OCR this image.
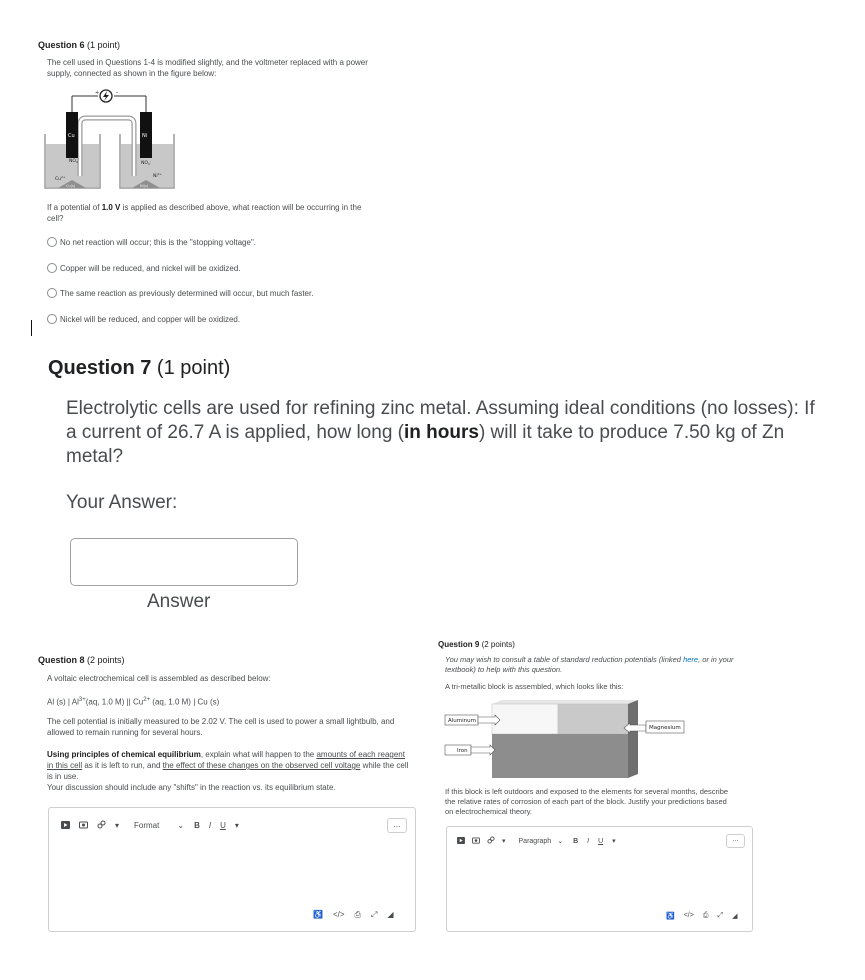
Question 6 (1 point)
The cell used in Questions 1-4 is modified slightly, and the voltmeter replaced with a power supply, connected as shown in the figure below:
+	-
Cu	Ni
$NO_3^-$
$NO_3^-$
$Cu^{2+}$	$Ni^{2+}$
Cu(s)	Ni(s)
If a potential of 1.0 V is applied as described above, what reaction will be occurring in the cell?
No net reaction will occur; this is the "stopping voltage".
Copper will be reduced, and nickel will be oxidized.
The same reaction as previously determined will occur, but much faster.
Nickel will be reduced, and copper will be oxidized.
Question 7 (1 point)
Electrolytic cells are used for refining zinc metal. Assuming ideal conditions (no losses): If a current of 26.7 A is applied, how long (in hours) will it take to produce 7.50 kg of Zn metal?
Your Answer:
Answer
Question 8 (2 points)
A voltaic electrochemical cell is assembled as described below:
Al (s) | $Al^{3+}(aq$, 1.0 M) || $Cu^{2+}$ (aq, 1.0 M) | Cu (s)
The cell potential is initially measured to be 2.02 V. The cell is used to power a small lightbulb, and allowed to remain running for several hours.
Using principles of chemical equilibrium, explain what will happen to the amounts of each reagent in this cell as it is left to run, and the effect of these changes on the observed cell voltage while the cell is in use.
Your discussion should include any "shifts" in the reaction vs. its equilibrium state.
▾ Format ⌄ B I U ▾	...
♿ </> ⎙ ⤢ ◢
Question 9 (2 points)
You may wish to consult a table of standard reduction potentials (linked here, or in your textbook) to help with this question.
A tri-metallic block is assembled, which looks like this:
Aluminum
Iron
Magnesium
If this block is left outdoors and exposed to the elements for several months, describe the relative rates of corrosion of each part of the block. Justify your predictions based on electrochemical theory.
▾ Paragraph ⌄ B I U ▾	...
♿ </> ⎙ ⤢ ◢
